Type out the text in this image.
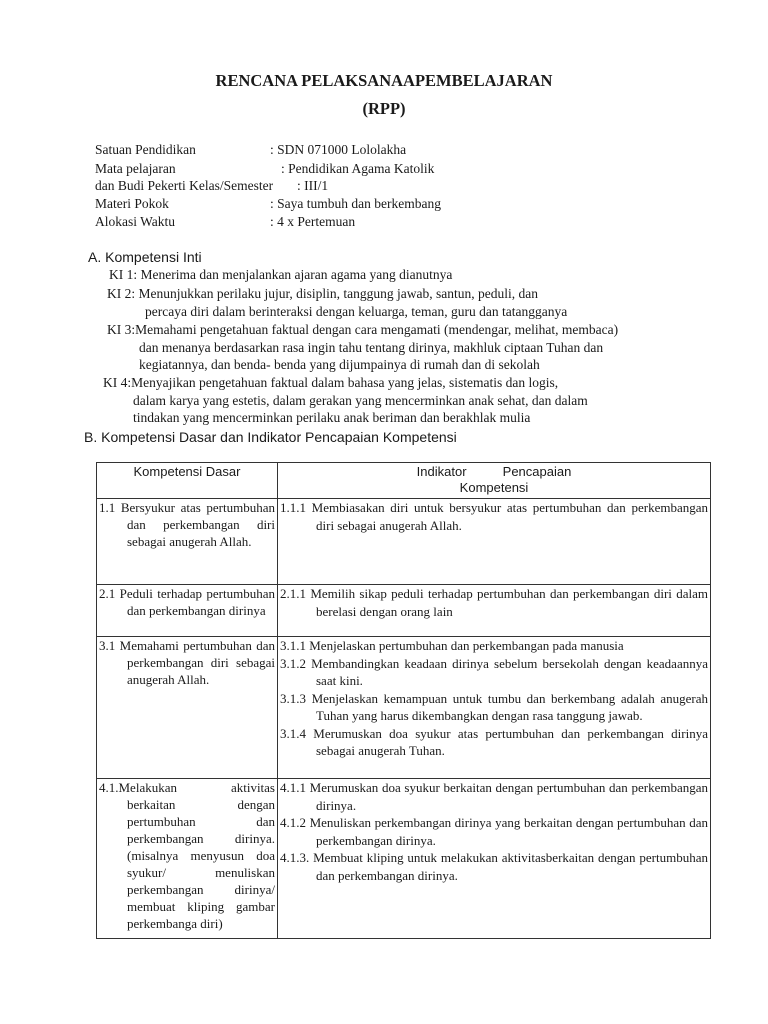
RENCANA PELAKSANAAPEMBELAJARAN
(RPP)
Satuan Pendidikan	: SDN 071000 Lololakha
Mata pelajaran	: Pendidikan Agama Katolik
dan Budi Pekerti Kelas/Semester : III/1
Materi Pokok	: Saya tumbuh dan berkembang
Alokasi Waktu	: 4 x Pertemuan
A. Kompetensi Inti
KI 1: Menerima dan menjalankan ajaran agama yang dianutnya
KI 2: Menunjukkan perilaku jujur, disiplin, tanggung jawab, santun, peduli, dan
percaya diri dalam berinteraksi dengan keluarga, teman, guru dan tatangganya
KI 3:Memahami pengetahuan faktual dengan cara mengamati (mendengar, melihat, membaca)
dan menanya berdasarkan rasa ingin tahu tentang dirinya, makhluk ciptaan Tuhan dan
kegiatannya, dan benda- benda yang dijumpainya di rumah dan di sekolah
KI 4:Menyajikan pengetahuan faktual dalam bahasa yang jelas, sistematis dan logis,
dalam karya yang estetis, dalam gerakan yang mencerminkan anak sehat, dan dalam
tindakan yang mencerminkan perilaku anak beriman dan berakhlak mulia
B. Kompetensi Dasar dan Indikator Pencapaian Kompetensi
Kompetensi Dasar	Indikator          Pencapaian
Kompetensi

1.1 Bersyukur atas pertumbuhan dan perkembangan diri sebagai anugerah Allah.	1.1.1 Membiasakan diri untuk bersyukur atas pertumbuhan dan perkembangan diri sebagai anugerah Allah.

2.1 Peduli terhadap pertumbuhan dan perkembangan dirinya	2.1.1 Memilih sikap peduli terhadap pertumbuhan dan perkembangan diri dalam berelasi dengan orang lain

3.1 Memahami pertumbuhan dan perkembangan diri sebagai anugerah Allah.	3.1.1 Menjelaskan pertumbuhan dan perkembangan pada manusia
3.1.2 Membandingkan keadaan dirinya sebelum bersekolah dengan keadaannya saat kini.
3.1.3 Menjelaskan kemampuan untuk tumbu dan berkembang adalah anugerah Tuhan yang harus dikembangkan dengan rasa tanggung jawab.
3.1.4 Merumuskan doa syukur atas pertumbuhan dan perkembangan dirinya sebagai anugerah Tuhan.

4.1.Melakukan aktivitas berkaitan dengan pertumbuhan dan perkembangan dirinya. (misalnya menyusun doa syukur/ menuliskan perkembangan dirinya/ membuat kliping gambar perkembanga diri)	4.1.1 Merumuskan doa syukur berkaitan dengan pertumbuhan dan perkembangan dirinya.
4.1.2 Menuliskan perkembangan dirinya yang berkaitan dengan pertumbuhan dan perkembangan dirinya.
4.1.3. Membuat kliping untuk melakukan aktivitasberkaitan dengan pertumbuhan dan perkembangan dirinya.
